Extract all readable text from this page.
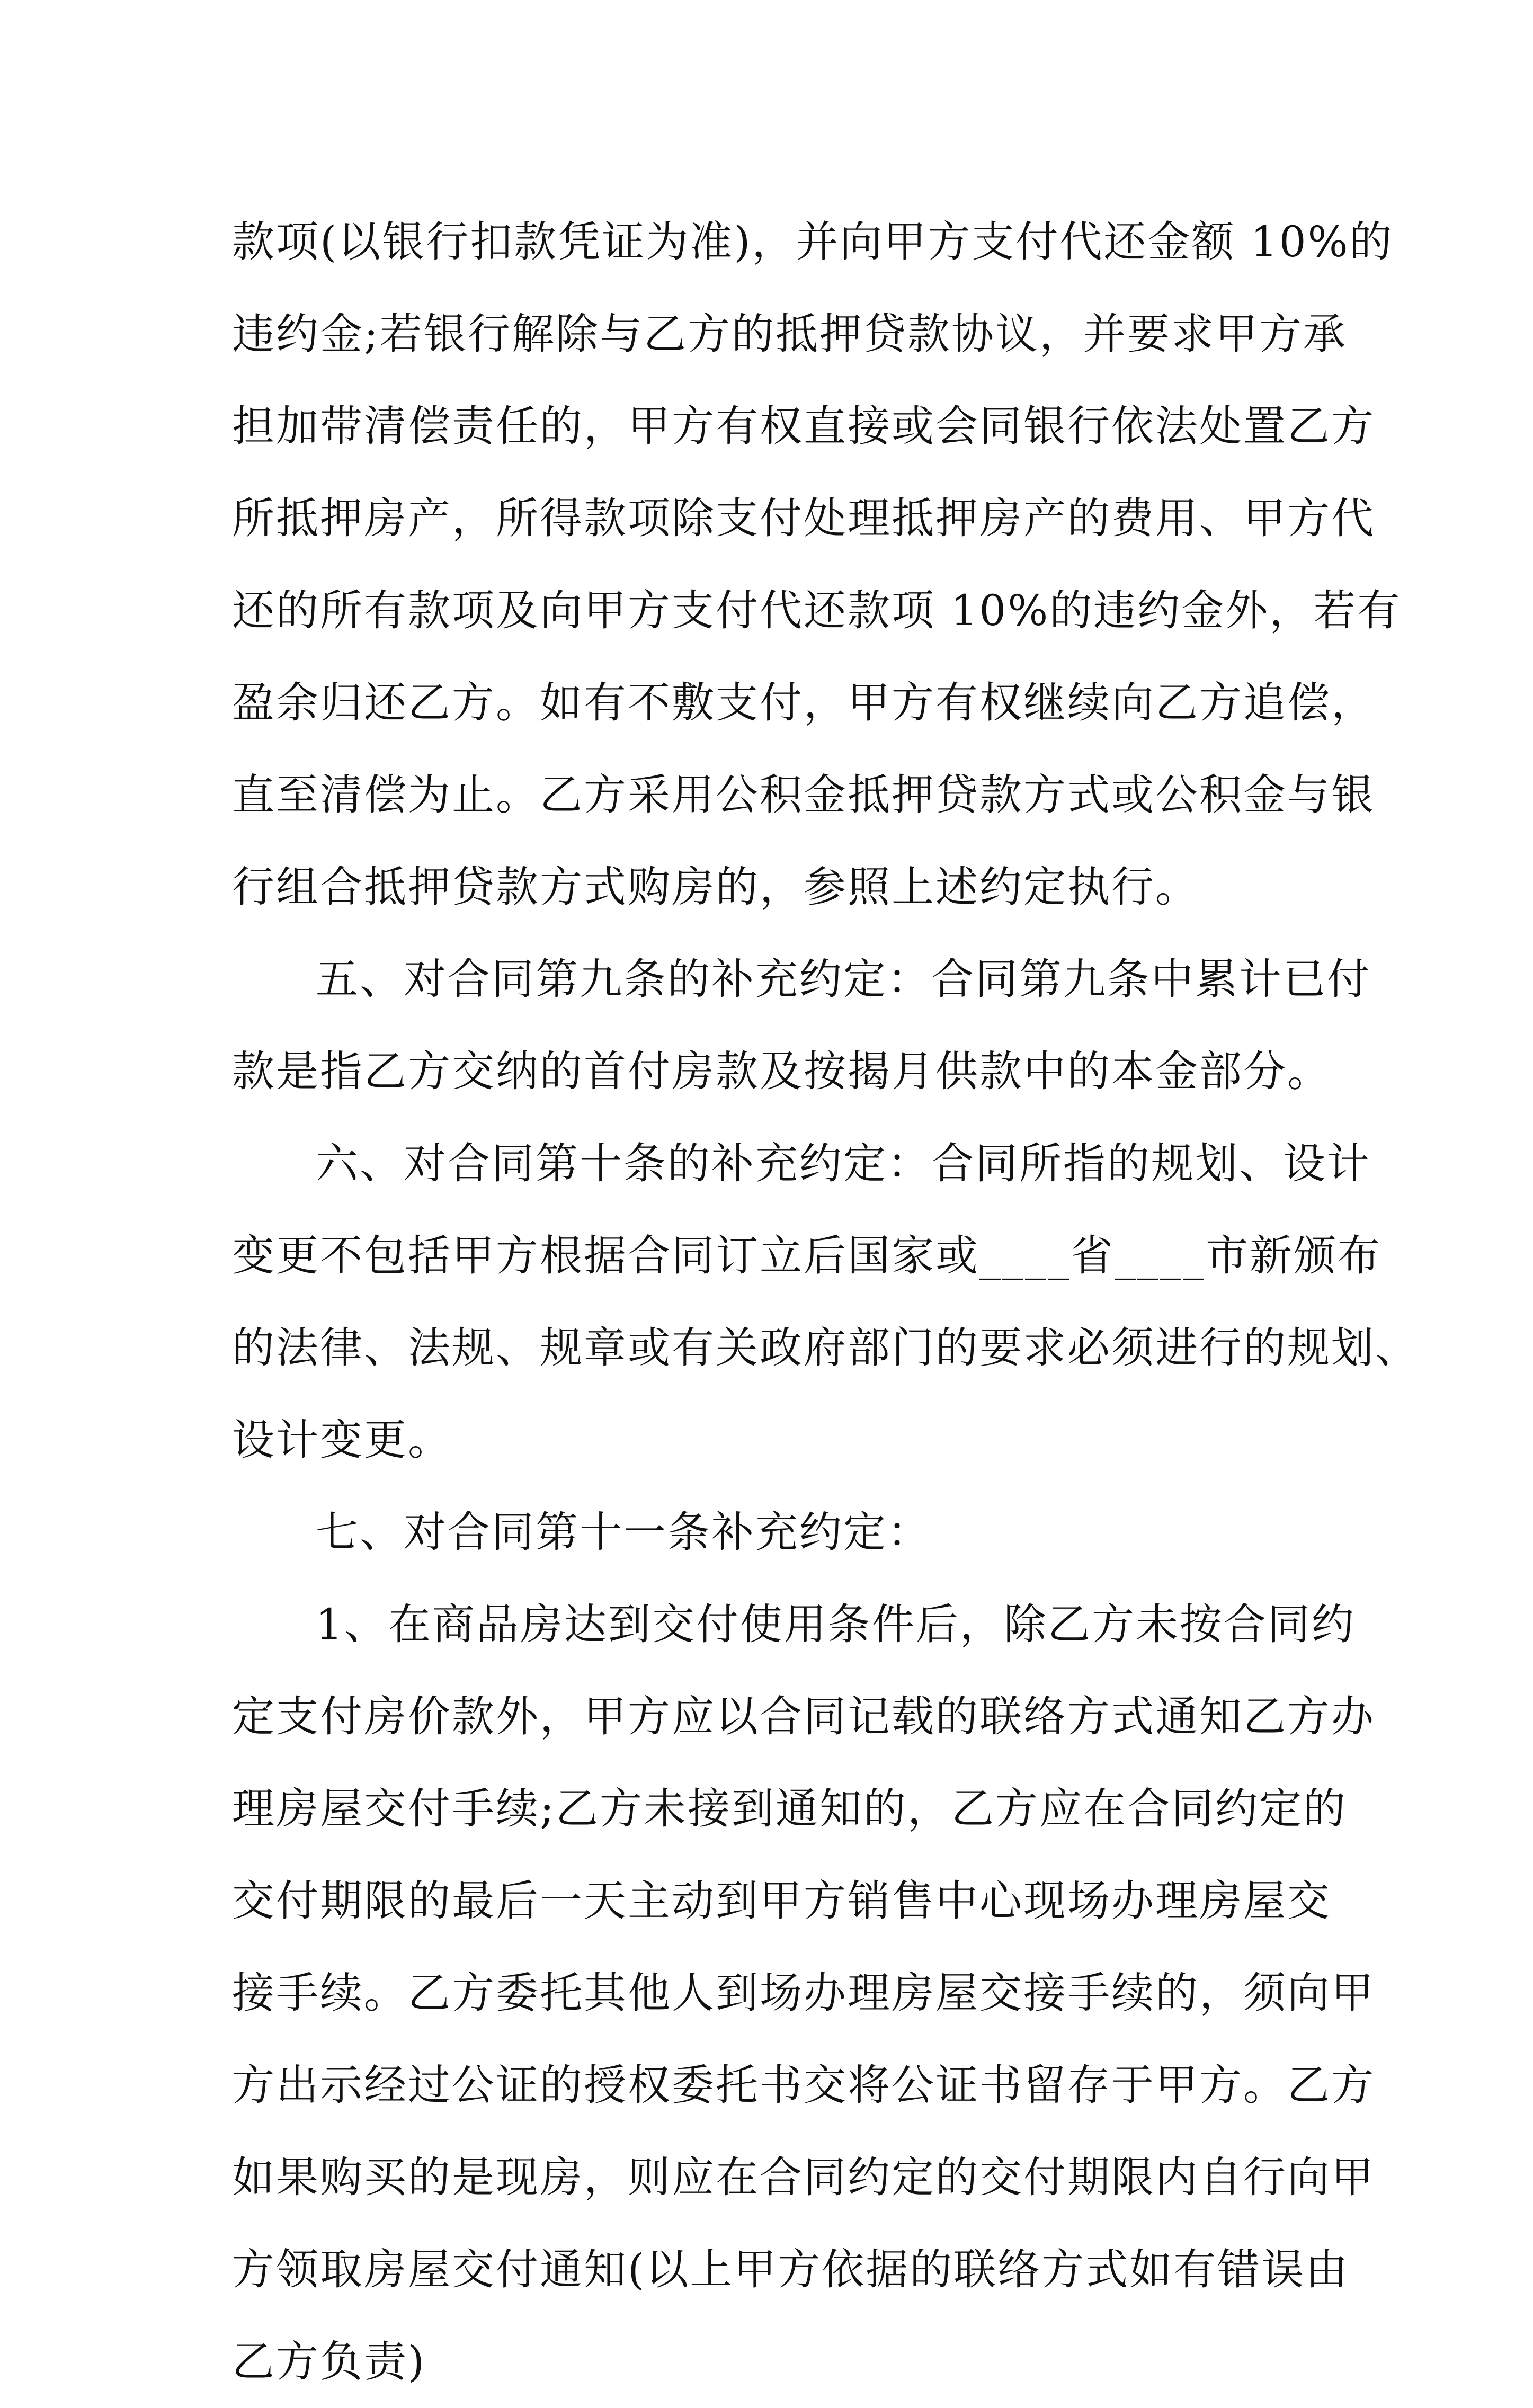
款项(以银行扣款凭证为准)，并向甲方支付代还金额 10%的
违约金;若银行解除与乙方的抵押贷款协议，并要求甲方承
担加带清偿责任的，甲方有权直接或会同银行依法处置乙方
所抵押房产，所得款项除支付处理抵押房产的费用、甲方代
还的所有款项及向甲方支付代还款项 10%的违约金外，若有
盈余归还乙方。如有不敷支付，甲方有权继续向乙方追偿，
直至清偿为止。乙方采用公积金抵押贷款方式或公积金与银
行组合抵押贷款方式购房的，参照上述约定执行。
五、对合同第九条的补充约定：合同第九条中累计已付
款是指乙方交纳的首付房款及按揭月供款中的本金部分。
六、对合同第十条的补充约定：合同所指的规划、设计
变更不包括甲方根据合同订立后国家或____省____市新颁布
的法律、法规、规章或有关政府部门的要求必须进行的规划、
设计变更。
七、对合同第十一条补充约定：
1、在商品房达到交付使用条件后，除乙方未按合同约
定支付房价款外，甲方应以合同记载的联络方式通知乙方办
理房屋交付手续;乙方未接到通知的，乙方应在合同约定的
交付期限的最后一天主动到甲方销售中心现场办理房屋交
接手续。乙方委托其他人到场办理房屋交接手续的，须向甲
方出示经过公证的授权委托书交将公证书留存于甲方。乙方
如果购买的是现房，则应在合同约定的交付期限内自行向甲
方领取房屋交付通知(以上甲方依据的联络方式如有错误由
乙方负责)
